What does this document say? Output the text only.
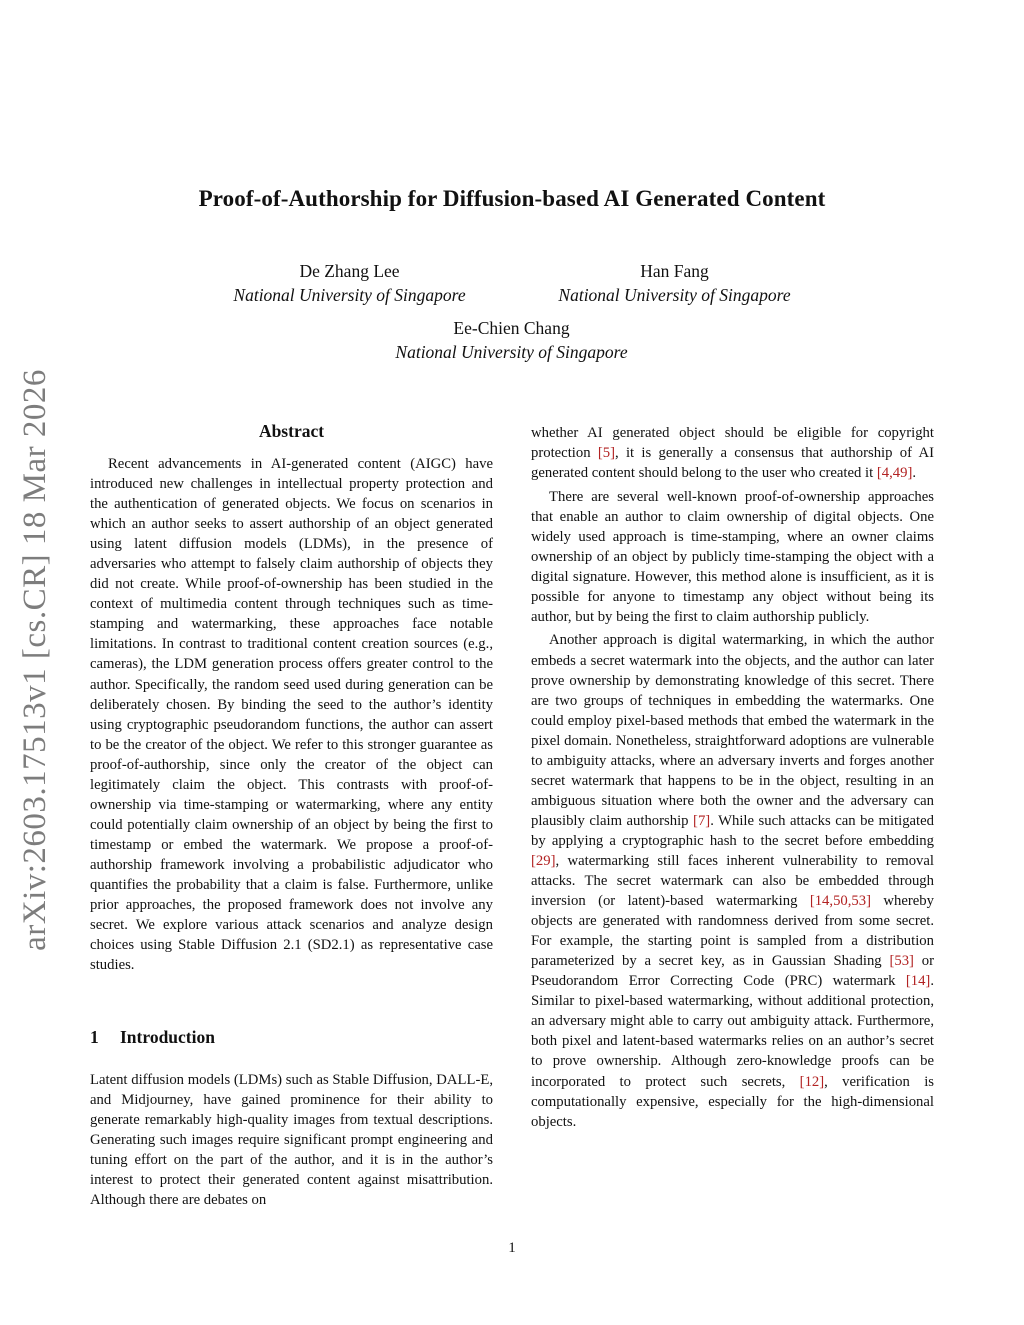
arXiv:2603.17513v1 [cs.CR] 18 Mar 2026
Proof-of-Authorship for Diffusion-based AI Generated Content
De Zhang Lee
National University of Singapore
Han Fang
National University of Singapore
Ee-Chien Chang
National University of Singapore
Abstract

Recent advancements in AI-generated content (AIGC) have introduced new challenges in intellectual property protection and the authentication of generated objects. We focus on scenarios in which an author seeks to assert authorship of an object generated using latent diffusion models (LDMs), in the presence of adversaries who attempt to falsely claim authorship of objects they did not create. While proof-of-ownership has been studied in the context of multimedia content through techniques such as time-stamping and watermarking, these approaches face notable limitations. In contrast to traditional content creation sources (e.g., cameras), the LDM generation process offers greater control to the author. Specifically, the random seed used during generation can be deliberately chosen. By binding the seed to the author’s identity using cryptographic pseudorandom functions, the author can assert to be the creator of the object. We refer to this stronger guarantee as proof-of-authorship, since only the creator of the object can legitimately claim the object. This contrasts with proof-of-ownership via time-stamping or watermarking, where any entity could potentially claim ownership of an object by being the first to timestamp or embed the watermark. We propose a proof-of-authorship framework involving a probabilistic adjudicator who quantifies the probability that a claim is false. Furthermore, unlike prior approaches, the proposed framework does not involve any secret. We explore various attack scenarios and analyze design choices using Stable Diffusion 2.1 (SD2.1) as representative case studies.

1 Introduction

Latent diffusion models (LDMs) such as Stable Diffusion, DALL-E, and Midjourney, have gained prominence for their ability to generate remarkably high-quality images from textual descriptions. Generating such images require significant prompt engineering and tuning effort on the part of the author, and it is in the author’s interest to protect their generated content against misattribution. Although there are debates on

whether AI generated object should be eligible for copyright protection [5], it is generally a consensus that authorship of AI generated content should belong to the user who created it [4,49].

There are several well-known proof-of-ownership approaches that enable an author to claim ownership of digital objects. One widely used approach is time-stamping, where an owner claims ownership of an object by publicly time-stamping the object with a digital signature. However, this method alone is insufficient, as it is possible for anyone to timestamp any object without being its author, but by being the first to claim authorship publicly.

Another approach is digital watermarking, in which the author embeds a secret watermark into the objects, and the author can later prove ownership by demonstrating knowledge of this secret. There are two groups of techniques in embedding the watermarks. One could employ pixel-based methods that embed the watermark in the pixel domain. Nonetheless, straightforward adoptions are vulnerable to ambiguity attacks, where an adversary inverts and forges another secret watermark that happens to be in the object, resulting in an ambiguous situation where both the owner and the adversary can plausibly claim authorship [7]. While such attacks can be mitigated by applying a cryptographic hash to the secret before embedding [29], watermarking still faces inherent vulnerability to removal attacks. The secret watermark can also be embedded through inversion (or latent)-based watermarking [14,50,53] whereby objects are generated with randomness derived from some secret. For example, the starting point is sampled from a distribution parameterized by a secret key, as in Gaussian Shading [53] or Pseudorandom Error Correcting Code (PRC) watermark [14]. Similar to pixel-based watermarking, without additional protection, an adversary might able to carry out ambiguity attack. Furthermore, both pixel and latent-based watermarks relies on an author’s secret to prove ownership. Although zero-knowledge proofs can be incorporated to protect such secrets, [12], verification is computationally expensive, especially for the high-dimensional objects.

1
